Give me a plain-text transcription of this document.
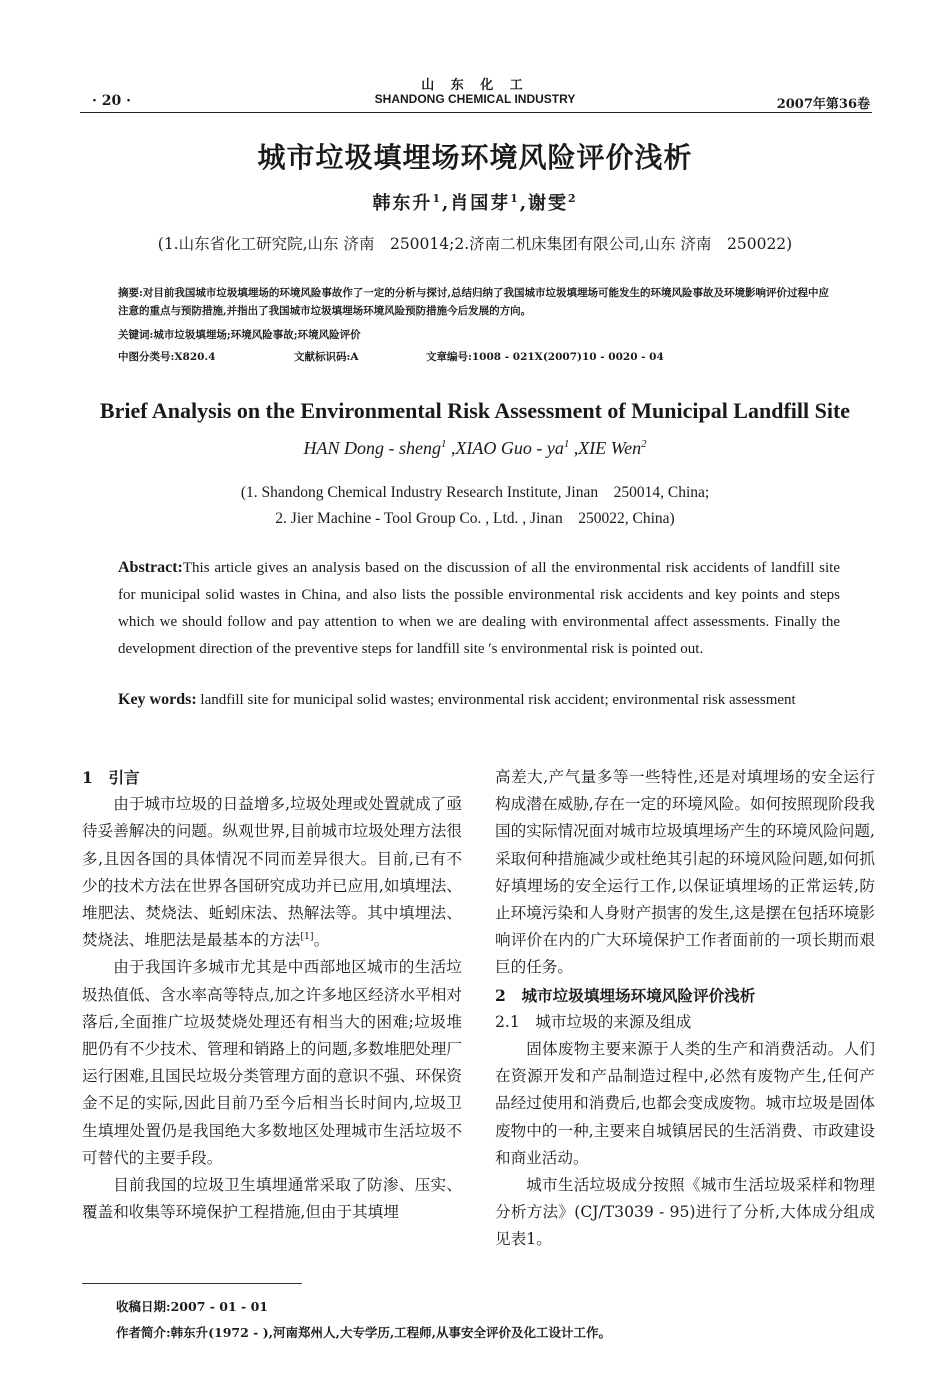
· 20 ·
山 东 化 工
SHANDONG CHEMICAL INDUSTRY	2007年第36卷
城市垃圾填埋场环境风险评价浅析
韩东升$^1$,肖国芽$^1$,谢雯$^2$
(1.山东省化工研究院,山东 济南　250014;2.济南二机床集团有限公司,山东 济南　250022)
摘要:对目前我国城市垃圾填埋场的环境风险事故作了一定的分析与探讨,总结归纳了我国城市垃圾填埋场可能发生的环境风险事故及环境影响评价过程中应注意的重点与预防措施,并指出了我国城市垃圾填埋场环境风险预防措施今后发展的方向。
关键词:城市垃圾填埋场;环境风险事故;环境风险评价
中图分类号:X820.4	文献标识码:A	文章编号:1008 - 021X(2007)10 - 0020 - 04
Brief Analysis on the Environmental Risk Assessment of Municipal Landfill Site
HAN Dong - sheng$^1$ ,XIAO Guo - $ya^1$ ,XIE Wen$^2$
(1. Shandong Chemical Industry Research Institute, Jinan　250014, China;
2. Jier Machine - Tool Group Co. , Ltd. , Jinan　250022, China)
Abstract:This article gives an analysis based on the discussion of all the environmental risk accidents of landfill site for municipal solid wastes in China, and also lists the possible environmental risk accidents and key points and steps which we should follow and pay attention to when we are dealing with environmental affect assessments. Finally the development direction of the preventive steps for landfill site ′s environmental risk is pointed out.
Key words: landfill site for municipal solid wastes; environmental risk accident; environmental risk assessment

1　引言

由于城市垃圾的日益增多,垃圾处理或处置就成了亟待妥善解决的问题。纵观世界,目前城市垃圾处理方法很多,且因各国的具体情况不同而差异很大。目前,已有不少的技术方法在世界各国研究成功并已应用,如填埋法、堆肥法、焚烧法、蚯蚓床法、热解法等。其中填埋法、焚烧法、堆肥法是最基本的方法[1]。

由于我国许多城市尤其是中西部地区城市的生活垃圾热值低、含水率高等特点,加之许多地区经济水平相对落后,全面推广垃圾焚烧处理还有相当大的困难;垃圾堆肥仍有不少技术、管理和销路上的问题,多数堆肥处理厂运行困难,且国民垃圾分类管理方面的意识不强、环保资金不足的实际,因此目前乃至今后相当长时间内,垃圾卫生填埋处置仍是我国绝大多数地区处理城市生活垃圾不可替代的主要手段。

目前我国的垃圾卫生填埋通常采取了防渗、压实、覆盖和收集等环境保护工程措施,但由于其填埋

高差大,产气量多等一些特性,还是对填埋场的安全运行构成潜在威胁,存在一定的环境风险。如何按照现阶段我国的实际情况面对城市垃圾填埋场产生的环境风险问题,采取何种措施减少或杜绝其引起的环境风险问题,如何抓好填埋场的安全运行工作,以保证填埋场的正常运转,防止环境污染和人身财产损害的发生,这是摆在包括环境影响评价在内的广大环境保护工作者面前的一项长期而艰巨的任务。

2　城市垃圾填埋场环境风险评价浅析

2.1　城市垃圾的来源及组成

固体废物主要来源于人类的生产和消费活动。人们在资源开发和产品制造过程中,必然有废物产生,任何产品经过使用和消费后,也都会变成废物。城市垃圾是固体废物中的一种,主要来自城镇居民的生活消费、市政建设和商业活动。

城市生活垃圾成分按照《城市生活垃圾采样和物理分析方法》(CJ/T3039 - 95)进行了分析,大体成分组成见表1。

收稿日期:2007 - 01 - 01
作者简介:韩东升(1972 - ),河南郑州人,大专学历,工程师,从事安全评价及化工设计工作。
